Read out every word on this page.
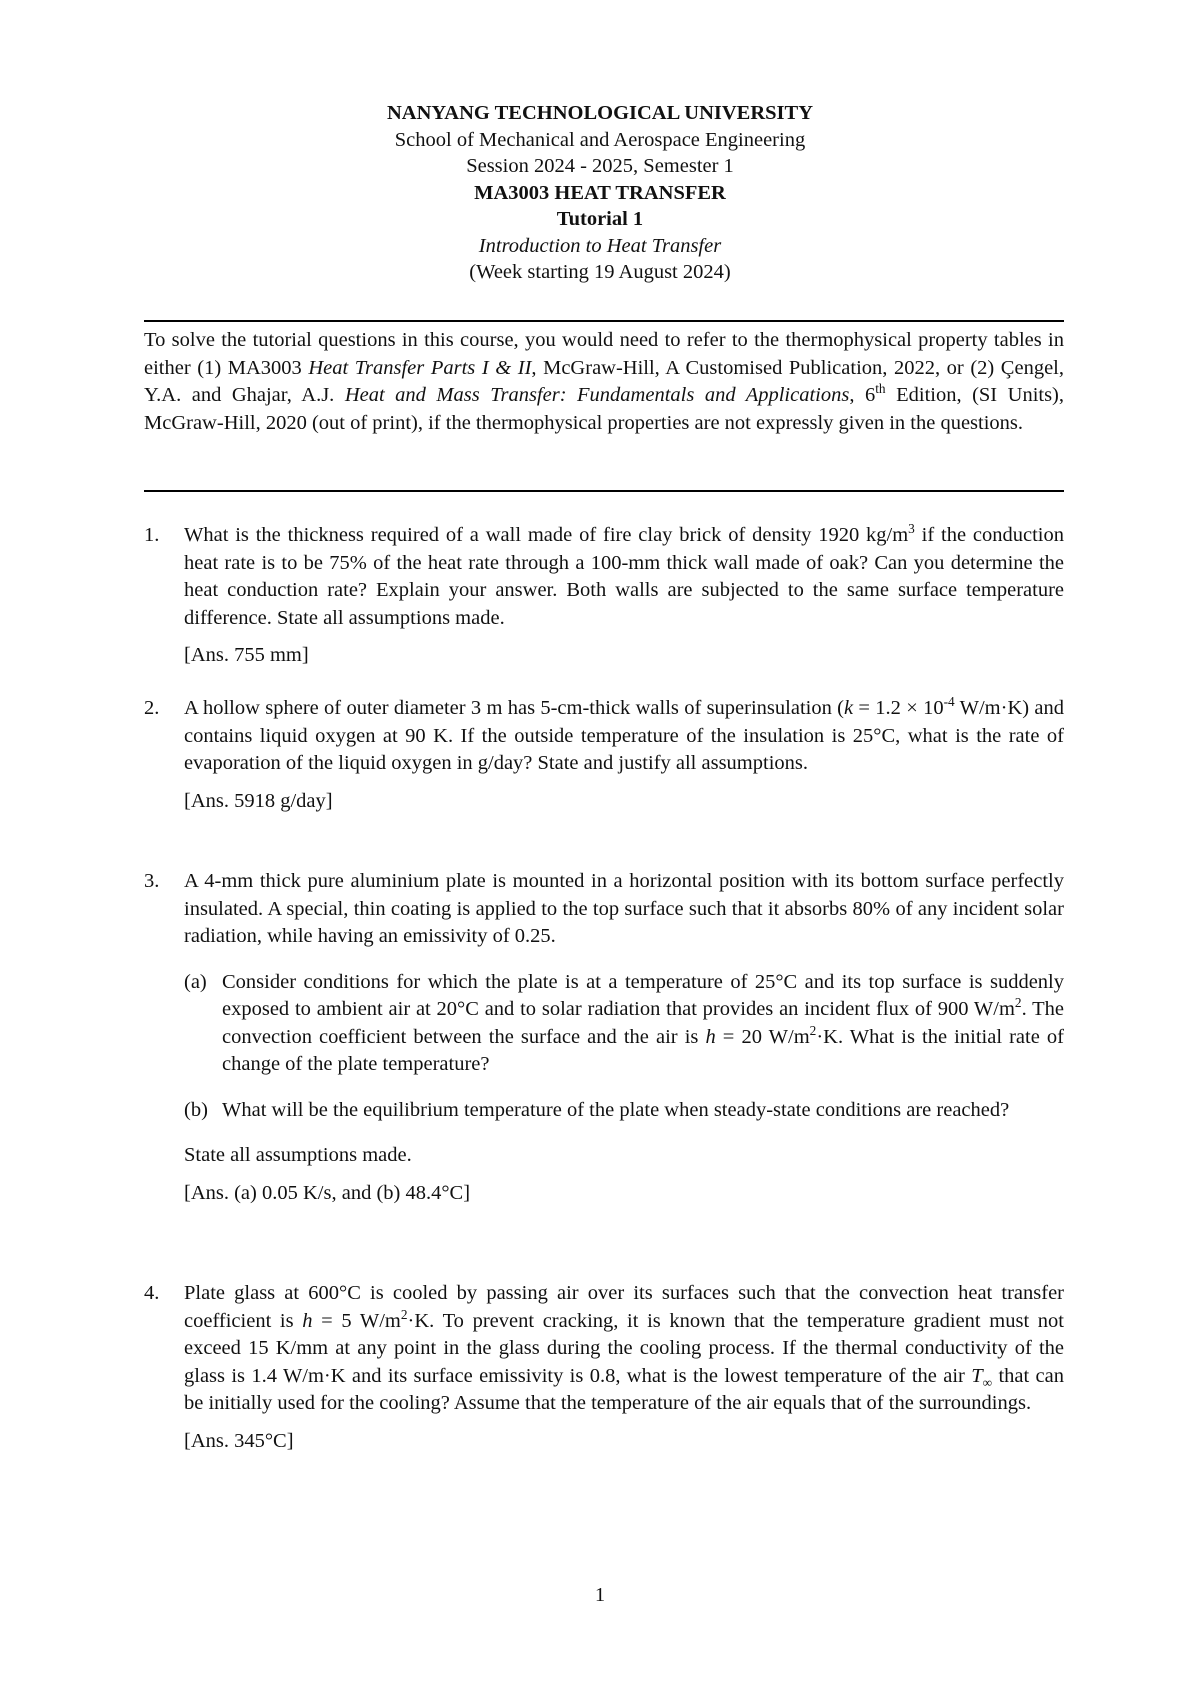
NANYANG TECHNOLOGICAL UNIVERSITY
School of Mechanical and Aerospace Engineering
Session 2024 - 2025, Semester 1
MA3003 HEAT TRANSFER
Tutorial 1
Introduction to Heat Transfer
(Week starting 19 August 2024)
To solve the tutorial questions in this course, you would need to refer to the thermophysical property tables in either (1) MA3003 Heat Transfer Parts I & II, McGraw-Hill, A Customised Publication, 2022, or (2) Çengel, Y.A. and Ghajar, A.J. Heat and Mass Transfer: Fundamentals and Applications, 6th Edition, (SI Units), McGraw-Hill, 2020 (out of print), if the thermophysical properties are not expressly given in the questions.
1. What is the thickness required of a wall made of fire clay brick of density 1920 $kg/m^3$ if the conduction heat rate is to be 75% of the heat rate through a 100-mm thick wall made of oak? Can you determine the heat conduction rate? Explain your answer. Both walls are subjected to the same surface temperature difference. State all assumptions made.
[Ans. 755 mm]
2. A hollow sphere of outer diameter 3 m has 5-cm-thick walls of superinsulation ($k = 1.2 \times 10^{-4}$ W/m·K) and contains liquid oxygen at 90 K. If the outside temperature of the insulation is 25°C, what is the rate of evaporation of the liquid oxygen in g/day? State and justify all assumptions.
[Ans. 5918 g/day]
3. A 4-mm thick pure aluminium plate is mounted in a horizontal position with its bottom surface perfectly insulated. A special, thin coating is applied to the top surface such that it absorbs 80% of any incident solar radiation, while having an emissivity of 0.25.
(a) Consider conditions for which the plate is at a temperature of 25°C and its top surface is suddenly exposed to ambient air at 20°C and to solar radiation that provides an incident flux of 900 $W/m^2$. The convection coefficient between the surface and the air is h = 20 $W/m^2\cdot K$. What is the initial rate of change of the plate temperature?
(b) What will be the equilibrium temperature of the plate when steady-state conditions are reached?
State all assumptions made.
[Ans. (a) 0.05 K/s, and (b) 48.4°C]
4. Plate glass at 600°C is cooled by passing air over its surfaces such that the convection heat transfer coefficient is h = 5 $W/m^2\cdot K$. To prevent cracking, it is known that the temperature gradient must not exceed 15 K/mm at any point in the glass during the cooling process. If the thermal conductivity of the glass is 1.4 W/m·K and its surface emissivity is 0.8, what is the lowest temperature of the air $T_\infty$ that can be initially used for the cooling? Assume that the temperature of the air equals that of the surroundings.
[Ans. 345°C]
1
